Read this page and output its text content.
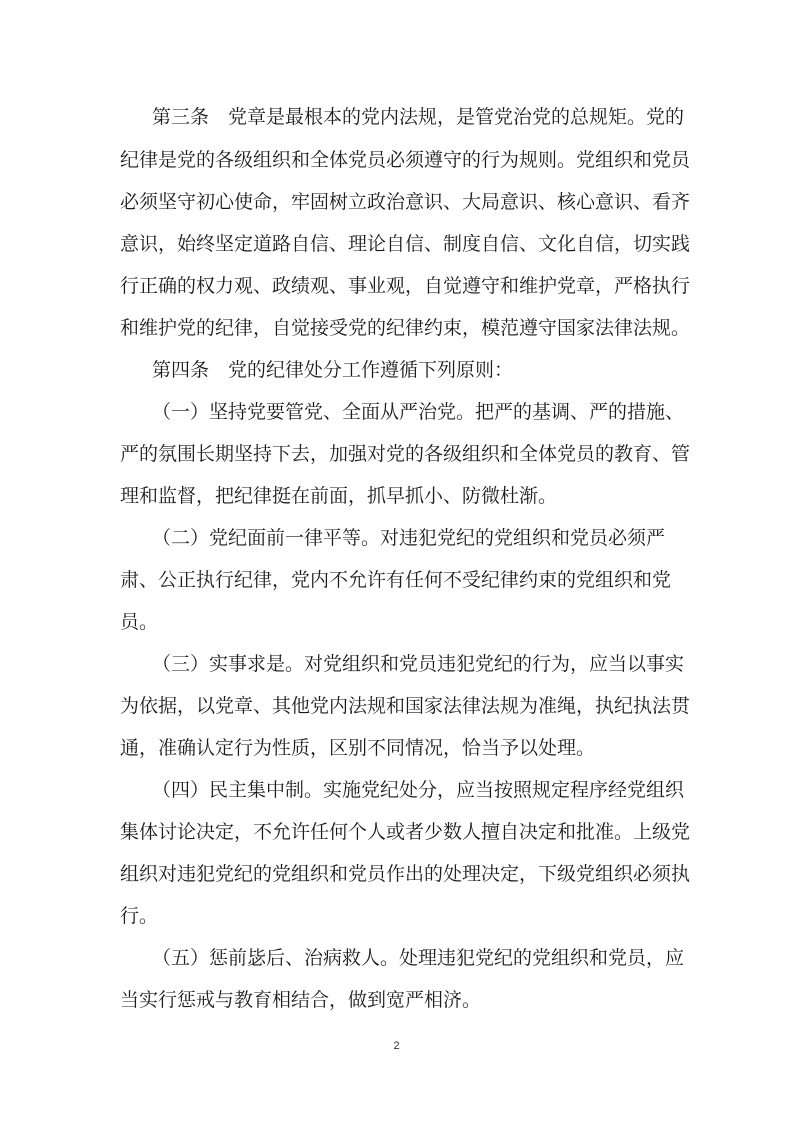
第三条　党章是最根本的党内法规，是管党治党的总规矩。党的
纪律是党的各级组织和全体党员必须遵守的行为规则。党组织和党员
必须坚守初心使命，牢固树立政治意识、大局意识、核心意识、看齐
意识，始终坚定道路自信、理论自信、制度自信、文化自信，切实践
行正确的权力观、政绩观、事业观，自觉遵守和维护党章，严格执行
和维护党的纪律，自觉接受党的纪律约束，模范遵守国家法律法规。
第四条　党的纪律处分工作遵循下列原则：
（一）坚持党要管党、全面从严治党。把严的基调、严的措施、
严的氛围长期坚持下去，加强对党的各级组织和全体党员的教育、管
理和监督，把纪律挺在前面，抓早抓小、防微杜渐。
（二）党纪面前一律平等。对违犯党纪的党组织和党员必须严
肃、公正执行纪律，党内不允许有任何不受纪律约束的党组织和党
员。
（三）实事求是。对党组织和党员违犯党纪的行为，应当以事实
为依据，以党章、其他党内法规和国家法律法规为准绳，执纪执法贯
通，准确认定行为性质，区别不同情况，恰当予以处理。
（四）民主集中制。实施党纪处分，应当按照规定程序经党组织
集体讨论决定，不允许任何个人或者少数人擅自决定和批准。上级党
组织对违犯党纪的党组织和党员作出的处理决定，下级党组织必须执
行。
（五）惩前毖后、治病救人。处理违犯党纪的党组织和党员，应
当实行惩戒与教育相结合，做到宽严相济。
2
